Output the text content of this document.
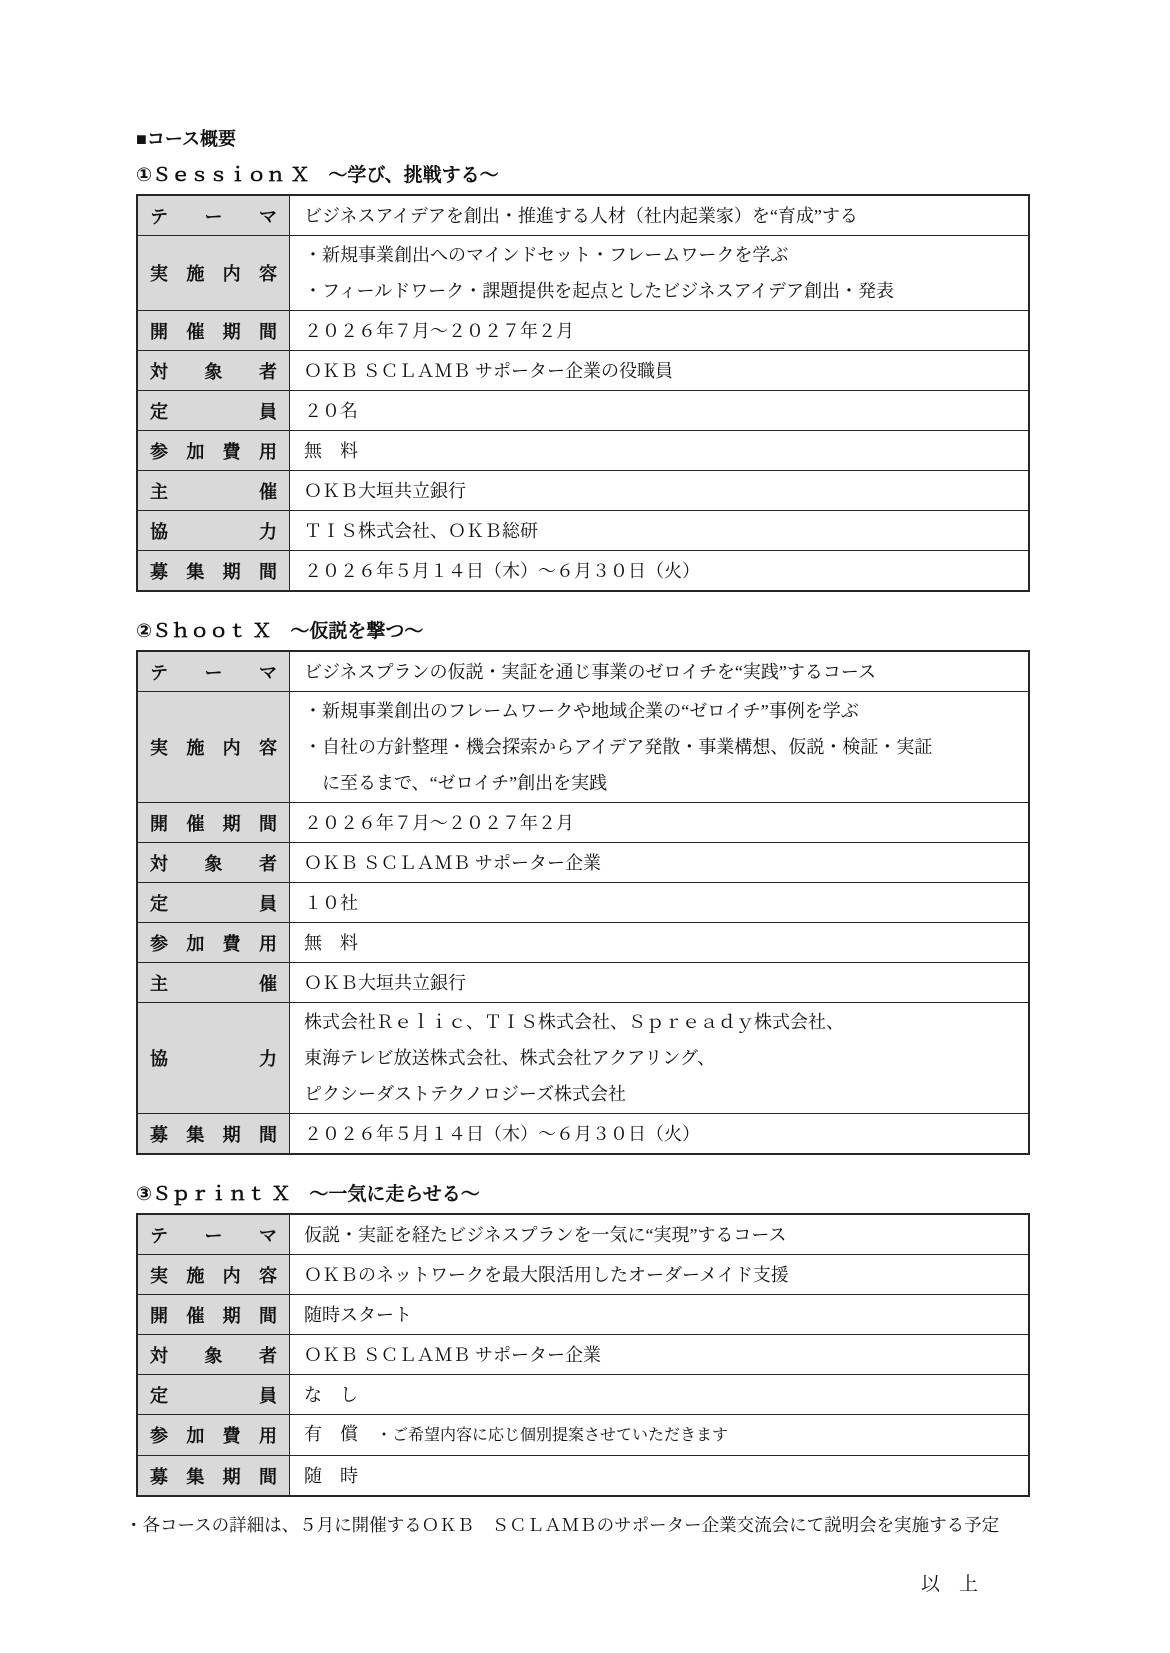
■コース概要
①Ｓｅｓｓｉｏｎ Ｘ　～学び、挑戦する～
テーマ ビジネスアイデアを創出・推進する人材（社内起業家）を“育成”する
実施内容
・新規事業創出へのマインドセット・フレームワークを学ぶ
・フィールドワーク・課題提供を起点としたビジネスアイデア創出・発表
開催期間 ２０２６年７月～２０２７年２月
対象者 ＯＫＢ ＳＣＬＡＭＢ サポーター企業の役職員
定員 ２０名
参加費用 無　料
主催 ＯＫＢ大垣共立銀行
協力 ＴＩＳ株式会社、ＯＫＢ総研
募集期間 ２０２６年５月１４日（木）～６月３０日（火）
②Ｓｈｏｏｔ Ｘ　～仮説を撃つ～
テーマ ビジネスプランの仮説・実証を通じ事業のゼロイチを“実践”するコース
実施内容
・新規事業創出のフレームワークや地域企業の“ゼロイチ”事例を学ぶ
・自社の方針整理・機会探索からアイデア発散・事業構想、仮説・検証・実証
　に至るまで、“ゼロイチ”創出を実践
開催期間 ２０２６年７月～２０２７年２月
対象者 ＯＫＢ ＳＣＬＡＭＢ サポーター企業
定員 １０社
参加費用 無　料
主催 ＯＫＢ大垣共立銀行
協力
株式会社Ｒｅｌｉｃ、ＴＩＳ株式会社、Ｓｐｒｅａｄｙ株式会社、
東海テレビ放送株式会社、株式会社アクアリング、
ピクシーダストテクノロジーズ株式会社
募集期間 ２０２６年５月１４日（木）～６月３０日（火）
③Ｓｐｒｉｎｔ Ｘ　～一気に走らせる～
テーマ 仮説・実証を経たビジネスプランを一気に“実現”するコース
実施内容 ＯＫＢのネットワークを最大限活用したオーダーメイド支援
開催期間 随時スタート
対象者 ＯＫＢ ＳＣＬＡＭＢ サポーター企業
定員 な　し
参加費用 有　償　・ご希望内容に応じ個別提案させていただきます
募集期間 随　時
・各コースの詳細は、５月に開催するＯＫＢ　ＳＣＬＡＭＢのサポーター企業交流会にて説明会を実施する予定
以　上
